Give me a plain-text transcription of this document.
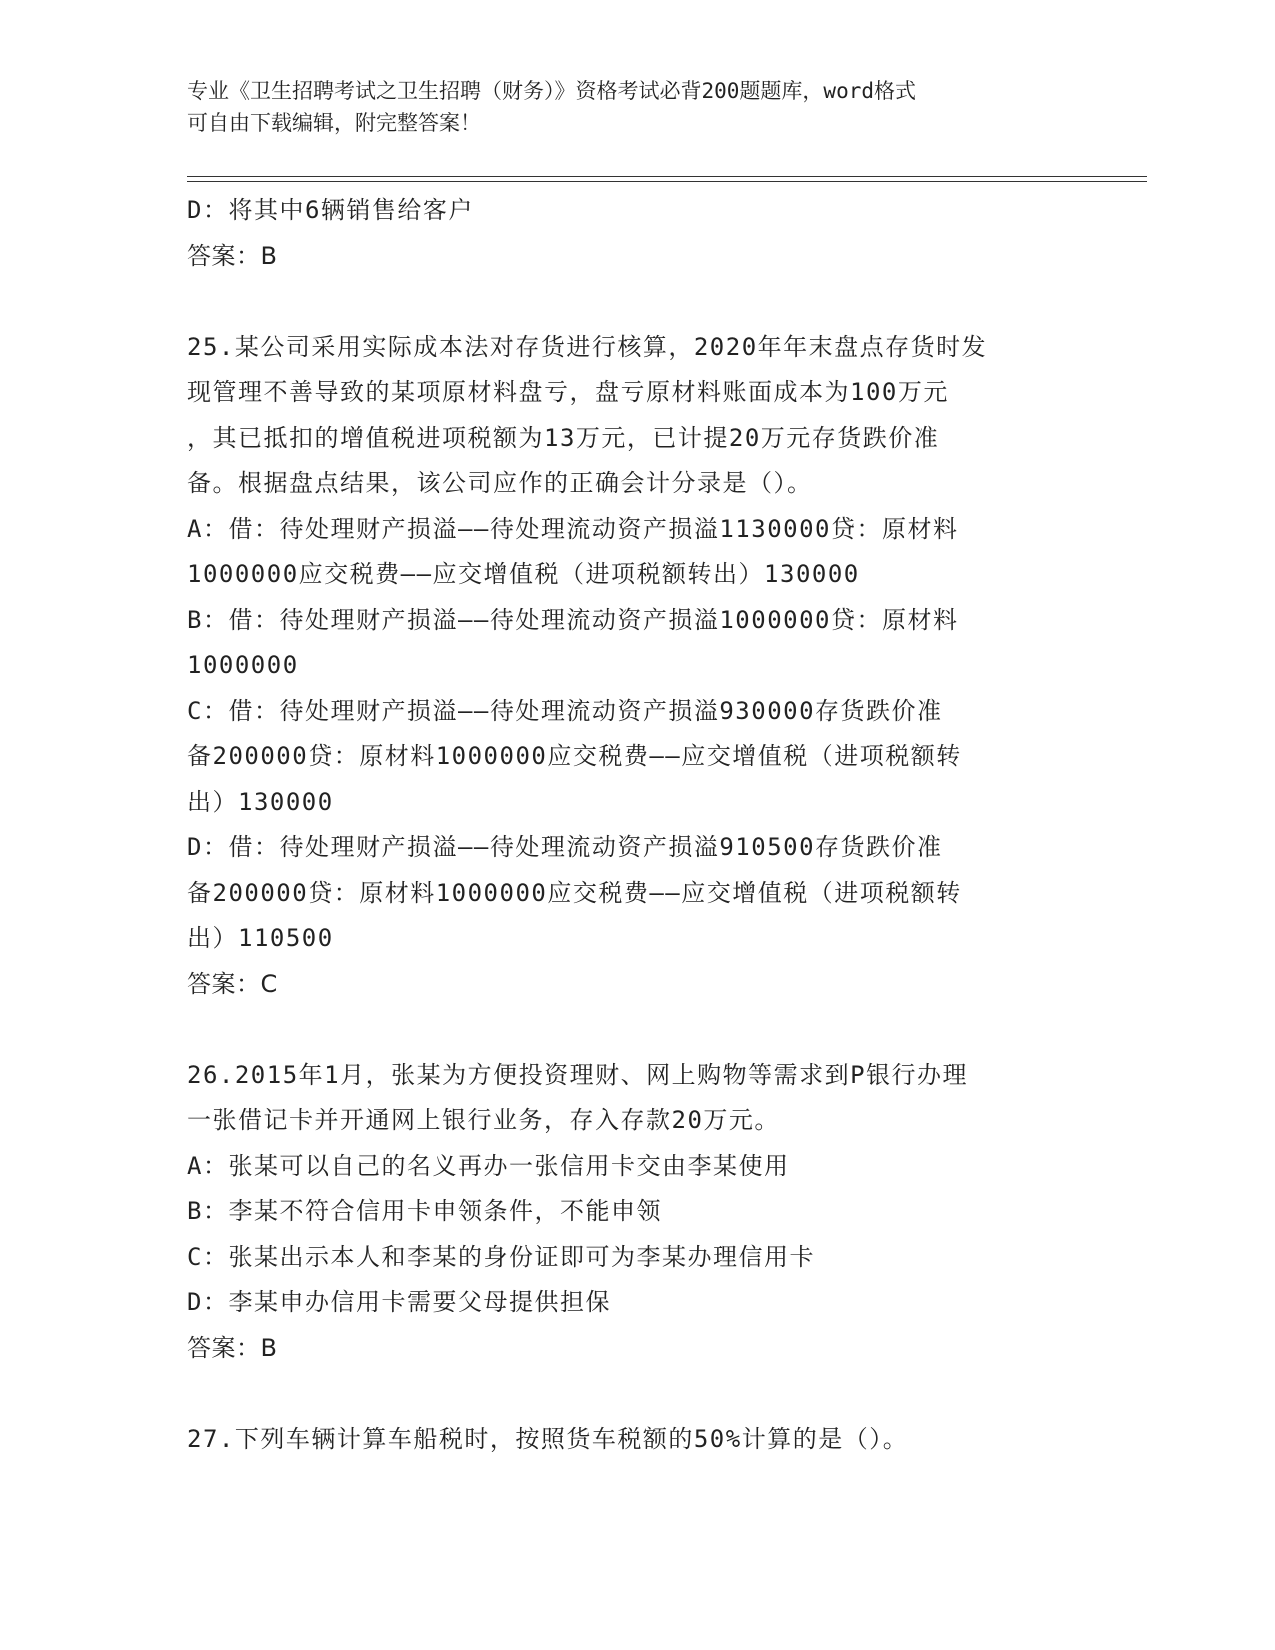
专业《卫生招聘考试之卫生招聘（财务）》资格考试必背200题题库，word格式
可自由下载编辑，附完整答案！
D：将其中6辆销售给客户
答案：B
25.某公司采用实际成本法对存货进行核算，2020年年末盘点存货时发
现管理不善导致的某项原材料盘亏，盘亏原材料账面成本为100万元
，其已抵扣的增值税进项税额为13万元，已计提20万元存货跌价准
备。根据盘点结果，该公司应作的正确会计分录是（）。
A：借：待处理财产损溢——待处理流动资产损溢1130000贷：原材料
1000000应交税费——应交增值税（进项税额转出）130000
B：借：待处理财产损溢——待处理流动资产损溢1000000贷：原材料
1000000
C：借：待处理财产损溢——待处理流动资产损溢930000存货跌价准
备200000贷：原材料1000000应交税费——应交增值税（进项税额转
出）130000
D：借：待处理财产损溢——待处理流动资产损溢910500存货跌价准
备200000贷：原材料1000000应交税费——应交增值税（进项税额转
出）110500
答案：C
26.2015年1月，张某为方便投资理财、网上购物等需求到P银行办理
一张借记卡并开通网上银行业务，存入存款20万元。
A：张某可以自己的名义再办一张信用卡交由李某使用
B：李某不符合信用卡申领条件，不能申领
C：张某出示本人和李某的身份证即可为李某办理信用卡
D：李某申办信用卡需要父母提供担保
答案：B
27.下列车辆计算车船税时，按照货车税额的50%计算的是（）。
